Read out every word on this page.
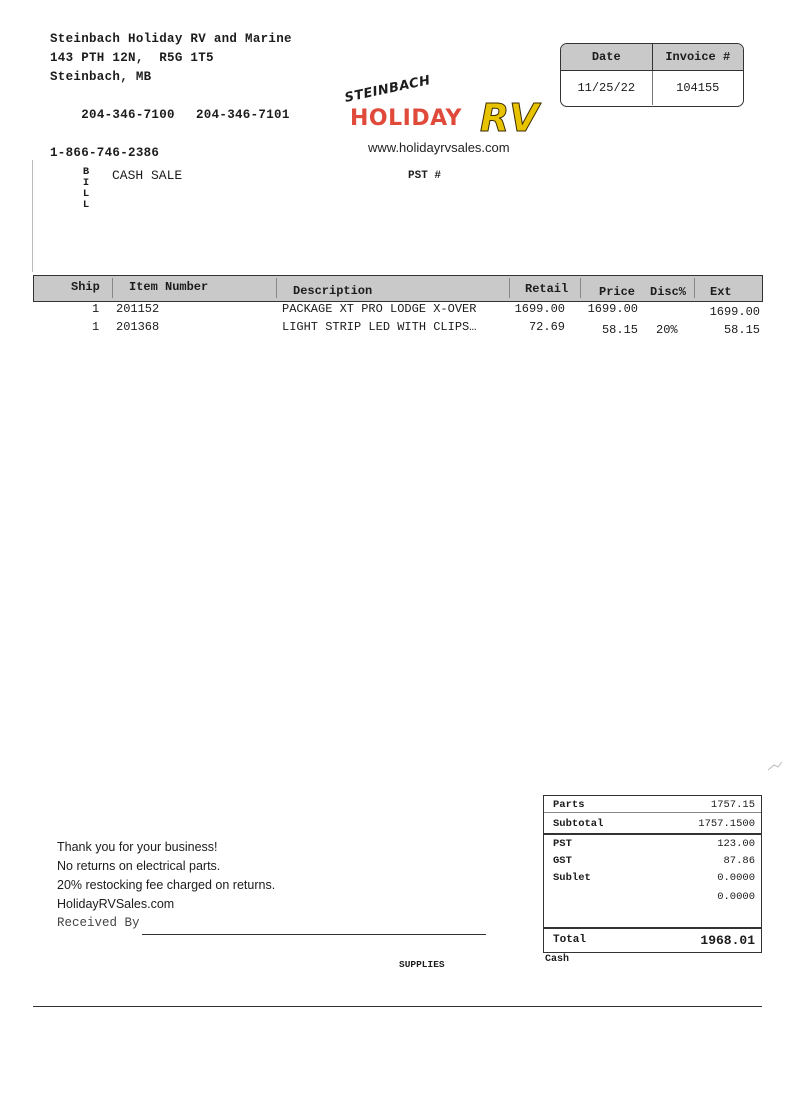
Steinbach Holiday RV and Marine
143 PTH 12N,  R5G 1T5
Steinbach, MB

204-346-7100 204-346-7101

1-866-746-2386
STEINBACH
HOLIDAY RV
www.holidayrvsales.com
Date	Invoice #
11/25/22	104155
B
I
L
L
CASH SALE	PST #
Ship Item Number	Description	Retail	Price Disc% Ext
1 201152	PACKAGE XT PRO LODGE X-OVER	1699.00 1699.00	1699.00
1 201368	LIGHT STRIP LED WITH CLIPS…	72.69	58.15 20%	58.15
Thank you for your business!
No returns on electrical parts.
20% restocking fee charged on returns.
HolidayRVSales.com
Received By
SUPPLIES
Parts	1757.15
Subtotal	1757.1500
PST	123.00
GST	87.86
Sublet	0.0000
0.0000
Total	1968.01
Cash
